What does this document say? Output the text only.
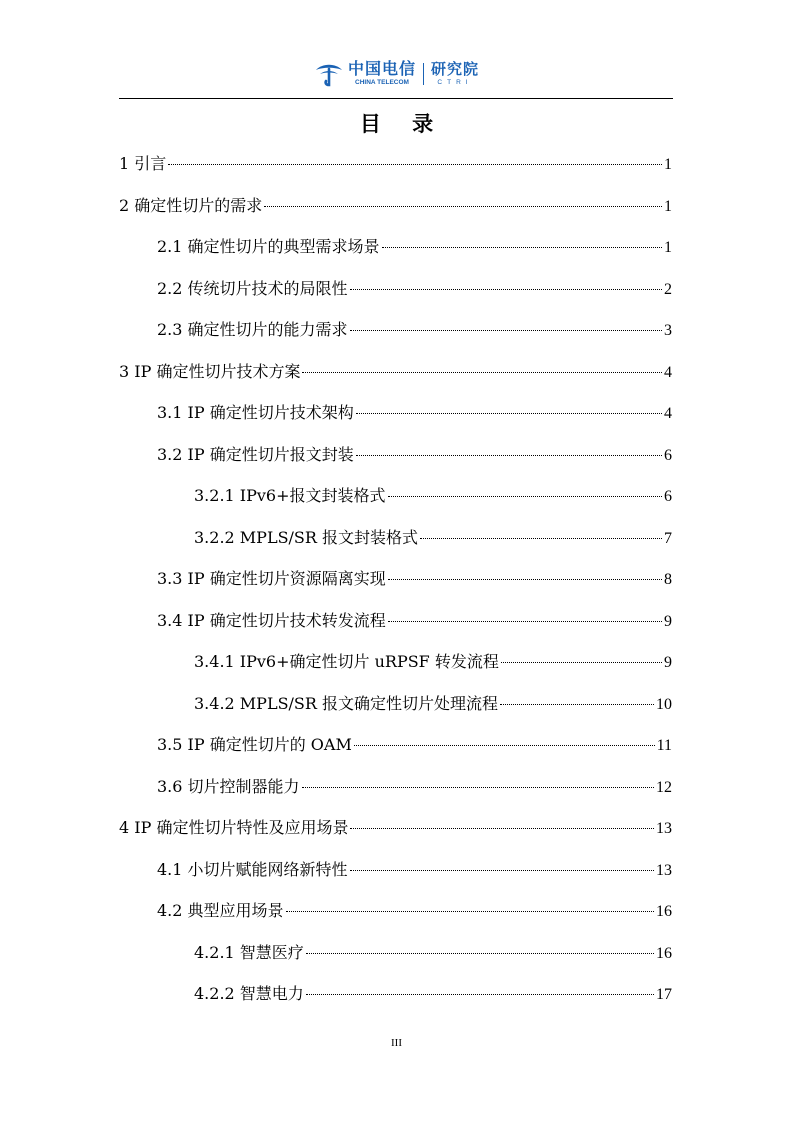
中国电信
CHINA TELECOM
研究院
CTRI
目 录
1 引言	1
2 确定性切片的需求	1
2.1 确定性切片的典型需求场景	1
2.2 传统切片技术的局限性	2
2.3 确定性切片的能力需求	3
3 IP 确定性切片技术方案	4
3.1 IP 确定性切片技术架构	4
3.2 IP 确定性切片报文封装	6
3.2.1 IPv6+报文封装格式	6
3.2.2 MPLS/SR 报文封装格式	7
3.3 IP 确定性切片资源隔离实现	8
3.4 IP 确定性切片技术转发流程	9
3.4.1 IPv6+确定性切片 uRPSF 转发流程	9
3.4.2 MPLS/SR 报文确定性切片处理流程	10
3.5 IP 确定性切片的 OAM	11
3.6 切片控制器能力	12
4 IP 确定性切片特性及应用场景	13
4.1 小切片赋能网络新特性	13
4.2 典型应用场景	16
4.2.1 智慧医疗	16
4.2.2 智慧电力	17
III
